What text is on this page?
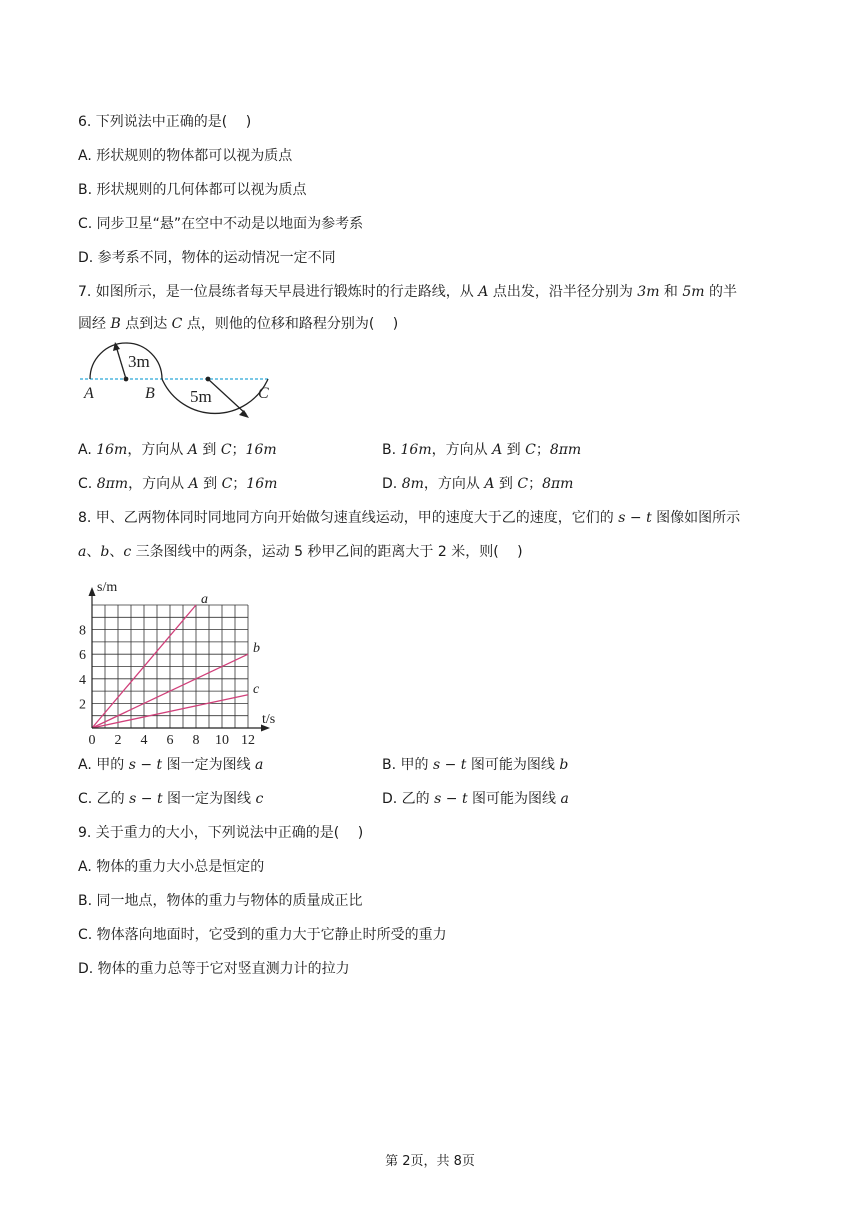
6. 下列说法中正确的是(  )
A. 形状规则的物体都可以视为质点
B. 形状规则的几何体都可以视为质点
C. 同步卫星“悬”在空中不动是以地面为参考系
D. 参考系不同，物体的运动情况一定不同
7. 如图所示，是一位晨练者每天早晨进行锻炼时的行走路线，从 A 点出发，沿半径分别为 3m 和 5m 的半
圆经 B 点到达 C 点，则他的位移和路程分别为(  )
3m
5m
A	B	C
A. 16m，方向从 A 到 C；16m	B. 16m，方向从 A 到 C；8πm
C. 8πm，方向从 A 到 C；16m	D. 8m，方向从 A 到 C；8πm
8. 甲、乙两物体同时同地同方向开始做匀速直线运动，甲的速度大于乙的速度，它们的 s − t 图像如图所示
a、b、c 三条图线中的两条，运动 5 秒甲乙间的距离大于 2 米，则(  )
a
b
c
0 2 4 6 8 10 12
2
4
6
8
t/s
s/m
A. 甲的 s − t 图一定为图线 a	B. 甲的 s − t 图可能为图线 b
C. 乙的 s − t 图一定为图线 c	D. 乙的 s − t 图可能为图线 a
9. 关于重力的大小，下列说法中正确的是(  )
A. 物体的重力大小总是恒定的
B. 同一地点，物体的重力与物体的质量成正比
C. 物体落向地面时，它受到的重力大于它静止时所受的重力
D. 物体的重力总等于它对竖直测力计的拉力
第 2页，共 8页
